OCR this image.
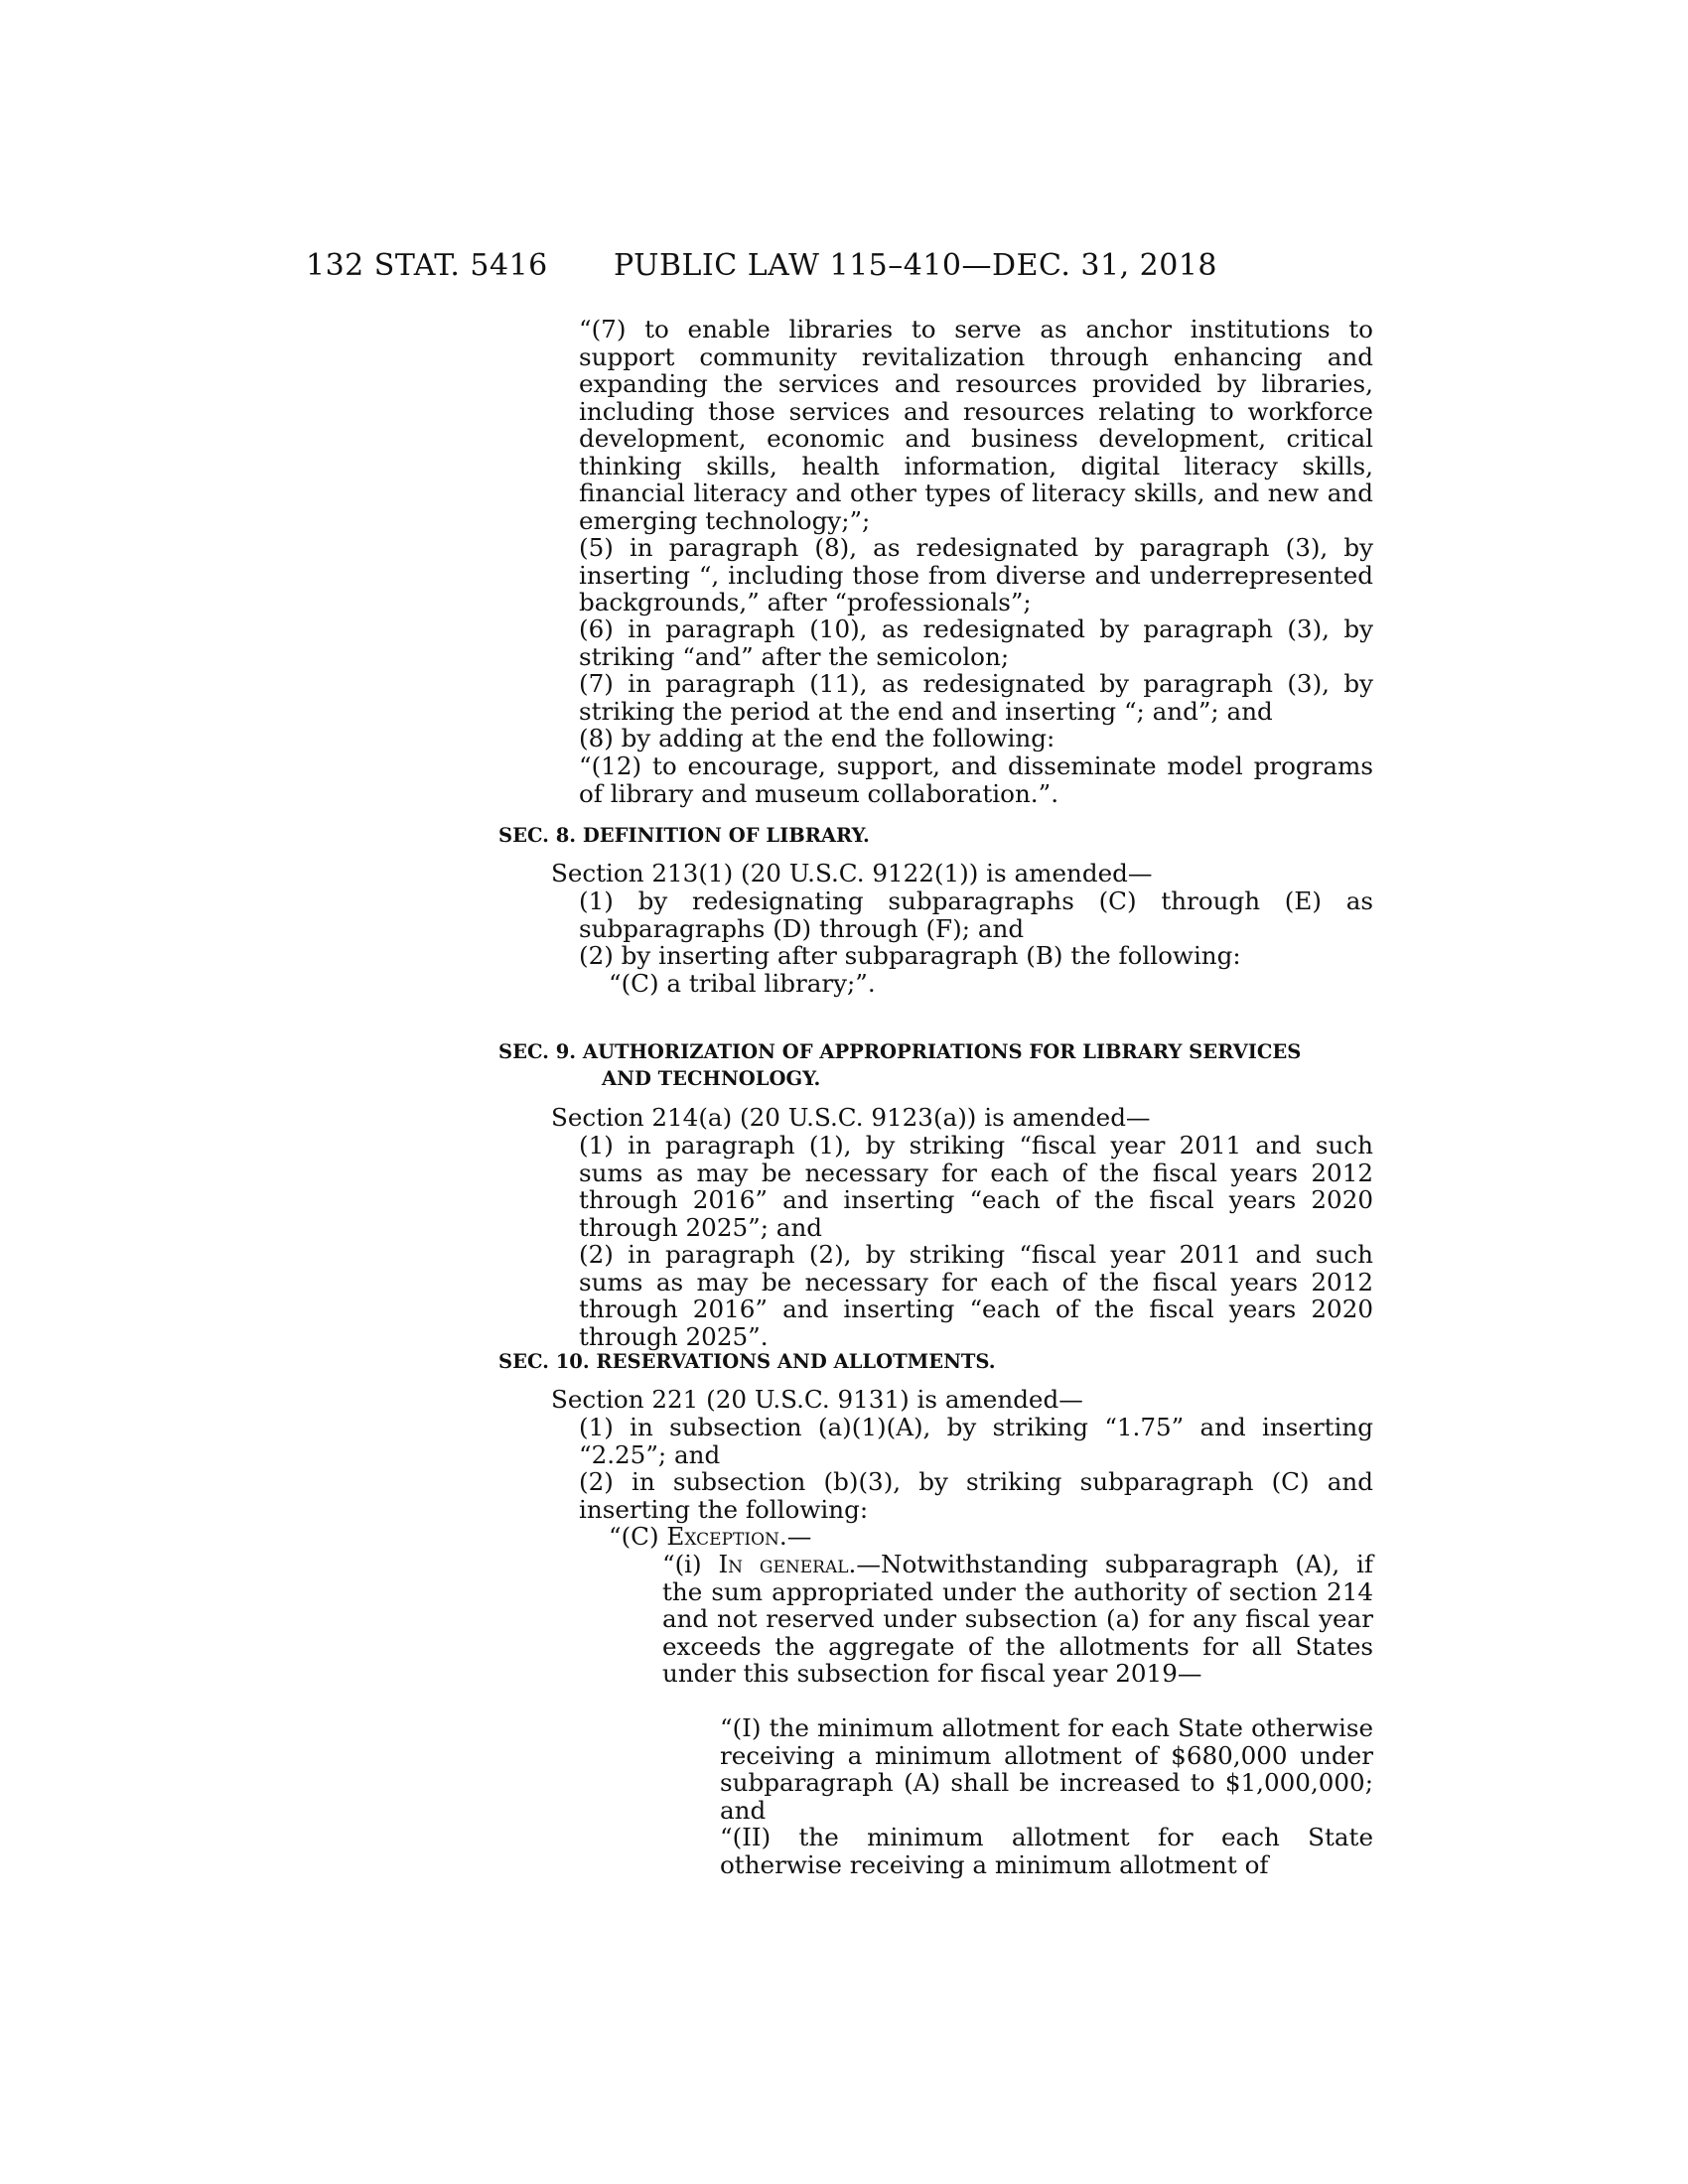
132 STAT. 5416 PUBLIC LAW 115–410—DEC. 31, 2018

“(7) to enable libraries to serve as anchor institutions to support community revitalization through enhancing and expanding the services and resources provided by libraries, including those services and resources relating to workforce development, economic and business development, critical thinking skills, health information, digital literacy skills, financial literacy and other types of literacy skills, and new and emerging technology;”;

(5) in paragraph (8), as redesignated by paragraph (3), by inserting “, including those from diverse and underrepresented backgrounds,” after “professionals”;

(6) in paragraph (10), as redesignated by paragraph (3), by striking “and” after the semicolon;

(7) in paragraph (11), as redesignated by paragraph (3), by striking the period at the end and inserting “; and”; and

(8) by adding at the end the following:

“(12) to encourage, support, and disseminate model programs of library and museum collaboration.”.

SEC. 8. DEFINITION OF LIBRARY.

Section 213(1) (20 U.S.C. 9122(1)) is amended—

(1) by redesignating subparagraphs (C) through (E) as subparagraphs (D) through (F); and

(2) by inserting after subparagraph (B) the following:

“(C) a tribal library;”.

SEC. 9. AUTHORIZATION OF APPROPRIATIONS FOR LIBRARY SERVICES
AND TECHNOLOGY.

Section 214(a) (20 U.S.C. 9123(a)) is amended—

(1) in paragraph (1), by striking “fiscal year 2011 and such sums as may be necessary for each of the fiscal years 2012 through 2016” and inserting “each of the fiscal years 2020 through 2025”; and

(2) in paragraph (2), by striking “fiscal year 2011 and such sums as may be necessary for each of the fiscal years 2012 through 2016” and inserting “each of the fiscal years 2020 through 2025”.

SEC. 10. RESERVATIONS AND ALLOTMENTS.

Section 221 (20 U.S.C. 9131) is amended—

(1) in subsection (a)(1)(A), by striking “1.75” and inserting “2.25”; and

(2) in subsection (b)(3), by striking subparagraph (C) and inserting the following:

“(C) Exception.—

“(i) In general.—Notwithstanding subparagraph (A), if the sum appropriated under the authority of section 214 and not reserved under subsection (a) for any fiscal year exceeds the aggregate of the allotments for all States under this subsection for fiscal year 2019—

“(I) the minimum allotment for each State otherwise receiving a minimum allotment of $680,000 under subparagraph (A) shall be increased to $1,000,000; and

“(II) the minimum allotment for each State otherwise receiving a minimum allotment of
